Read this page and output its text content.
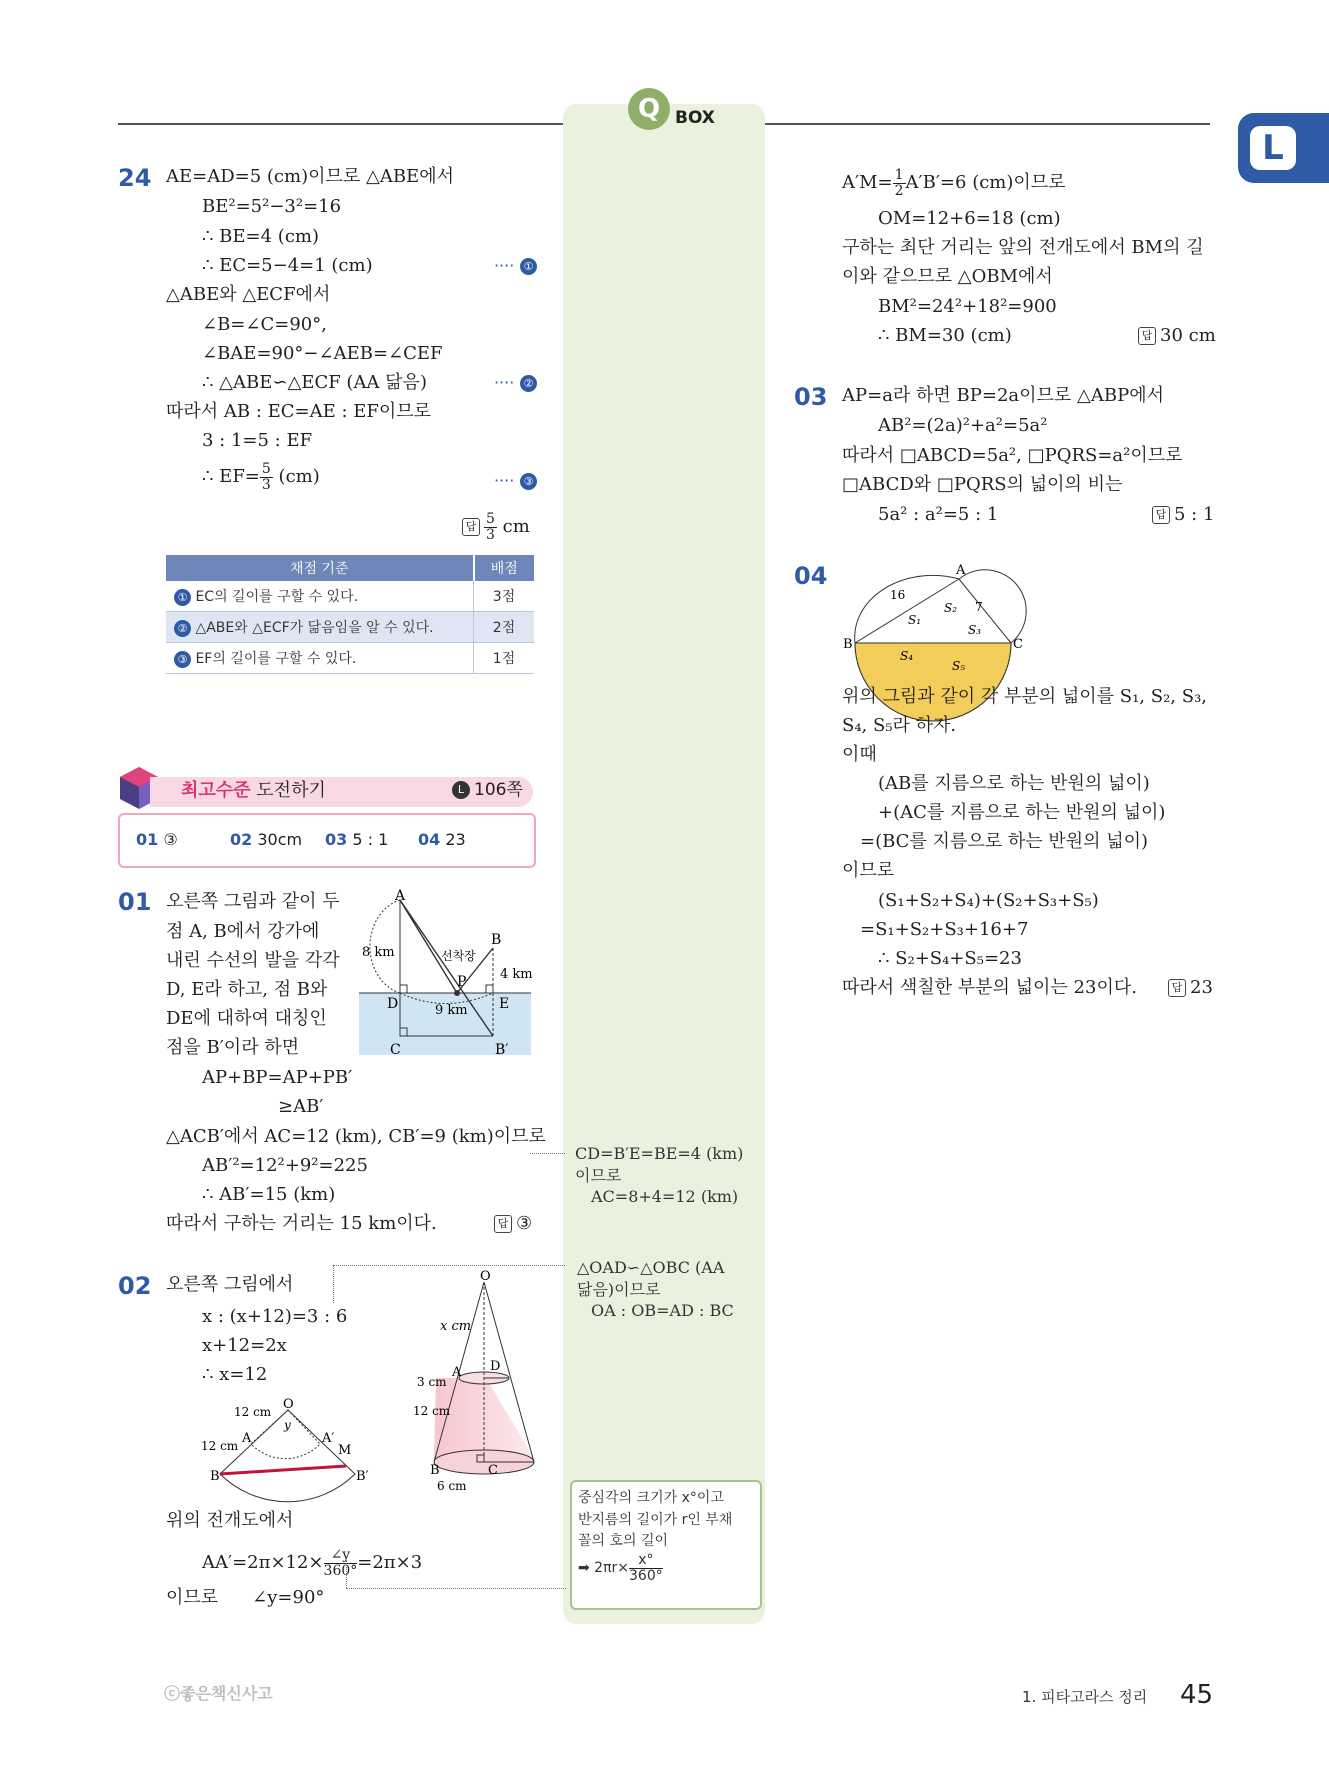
Q BOX
L
24 AE=AD=5 (cm)이므로 △ABE에서
BE²=5²−3²=16
∴ BE=4 (cm)
∴ EC=5−4=1 (cm)	···· ①
△ABE와 △ECF에서
∠B=∠C=90°,
∠BAE=90°−∠AEB=∠CEF
∴ △ABE∽△ECF (AA 닮음)	···· ②
따라서 AB : EC=AE : EF이므로
3 : 1=5 : EF
∴ $EF= \frac{5}{3} (cm)$	···· ③
답 $\frac{5}{3}$ cm
채점 기준	배점
① EC의 길이를 구할 수 있다.	3점
② △ABE와 △ECF가 닮음임을 알 수 있다.	2점
③ EF의 길이를 구할 수 있다.	1점
최고수준 도전하기	L 106쪽
01 ③	02 30cm 03 5 : 1 04 23
01 오른쪽 그림과 같이 두
점 A, B에서 강가에
내린 수선의 발을 각각
D, E라 하고, 점 B와
DE에 대하여 대칭인
점을 B′이라 하면
A
B
P
D	E
C	B′
8 km
4 km
9 km
선착장
AP+BP=AP+PB′
≥AB′
△ACB′에서 AC=12 (km), CB′=9 (km)이므로
AB′²=12²+9²=225
∴ AB′=15 (km)
따라서 구하는 거리는 15 km이다.	답 ③
02 오른쪽 그림에서
x : (x+12)=3 : 6
x+12=2x
∴ x=12
O
y
A	A′
M
B	B′
12 cm
12 cm
O
D
A
B	C
x cm
3 cm
12 cm
6 cm
위의 전개도에서
$AA'=2\pi\times 12\times \frac{\angle y}{360^\circ} =2\pi\times 3$
이므로 ∠y=90°
CD=B′E=BE=4 (km)
이므로
AC=8+4=12 (km)
△OAD∽△OBC (AA
닮음)이므로
OA : OB=AD : BC
중심각의 크기가 x°이고
반지름의 길이가 r인 부채
꼴의 호의 길이
➡ $2\pi r\times \frac{x^\circ}{360^\circ}$
$A'M= \frac{1}{2} A'B'=6$ (cm)이므로
OM=12+6=18 (cm)
구하는 최단 거리는 앞의 전개도에서 BM의 길
이와 같으므로 △OBM에서
BM²=24²+18²=900
∴ BM=30 (cm)	답 30 cm
03 AP=a라 하면 BP=2a이므로 △ABP에서
AB²=(2a)²+a²=5a²
따라서 □ABCD=5a², □PQRS=a²이므로
□ABCD와 □PQRS의 넓이의 비는
5a² : a²=5 : 1	답 5 : 1
04	A
B	C
16
7
S₁
S₂
S₃
S₄
S₅
위의 그림과 같이 각 부분의 넓이를 S₁, S₂, S₃,
S₄, S₅라 하자.
이때
(AB를 지름으로 하는 반원의 넓이)
+(AC를 지름으로 하는 반원의 넓이)
=(BC를 지름으로 하는 반원의 넓이)
이므로
(S₁+S₂+S₄)+(S₂+S₃+S₅)
=S₁+S₂+S₃+16+7
∴ S₂+S₄+S₅=23
따라서 색칠한 부분의 넓이는 23이다.	답 23
ⓒ좋은책신사고	1. 피타고라스 정리 45
